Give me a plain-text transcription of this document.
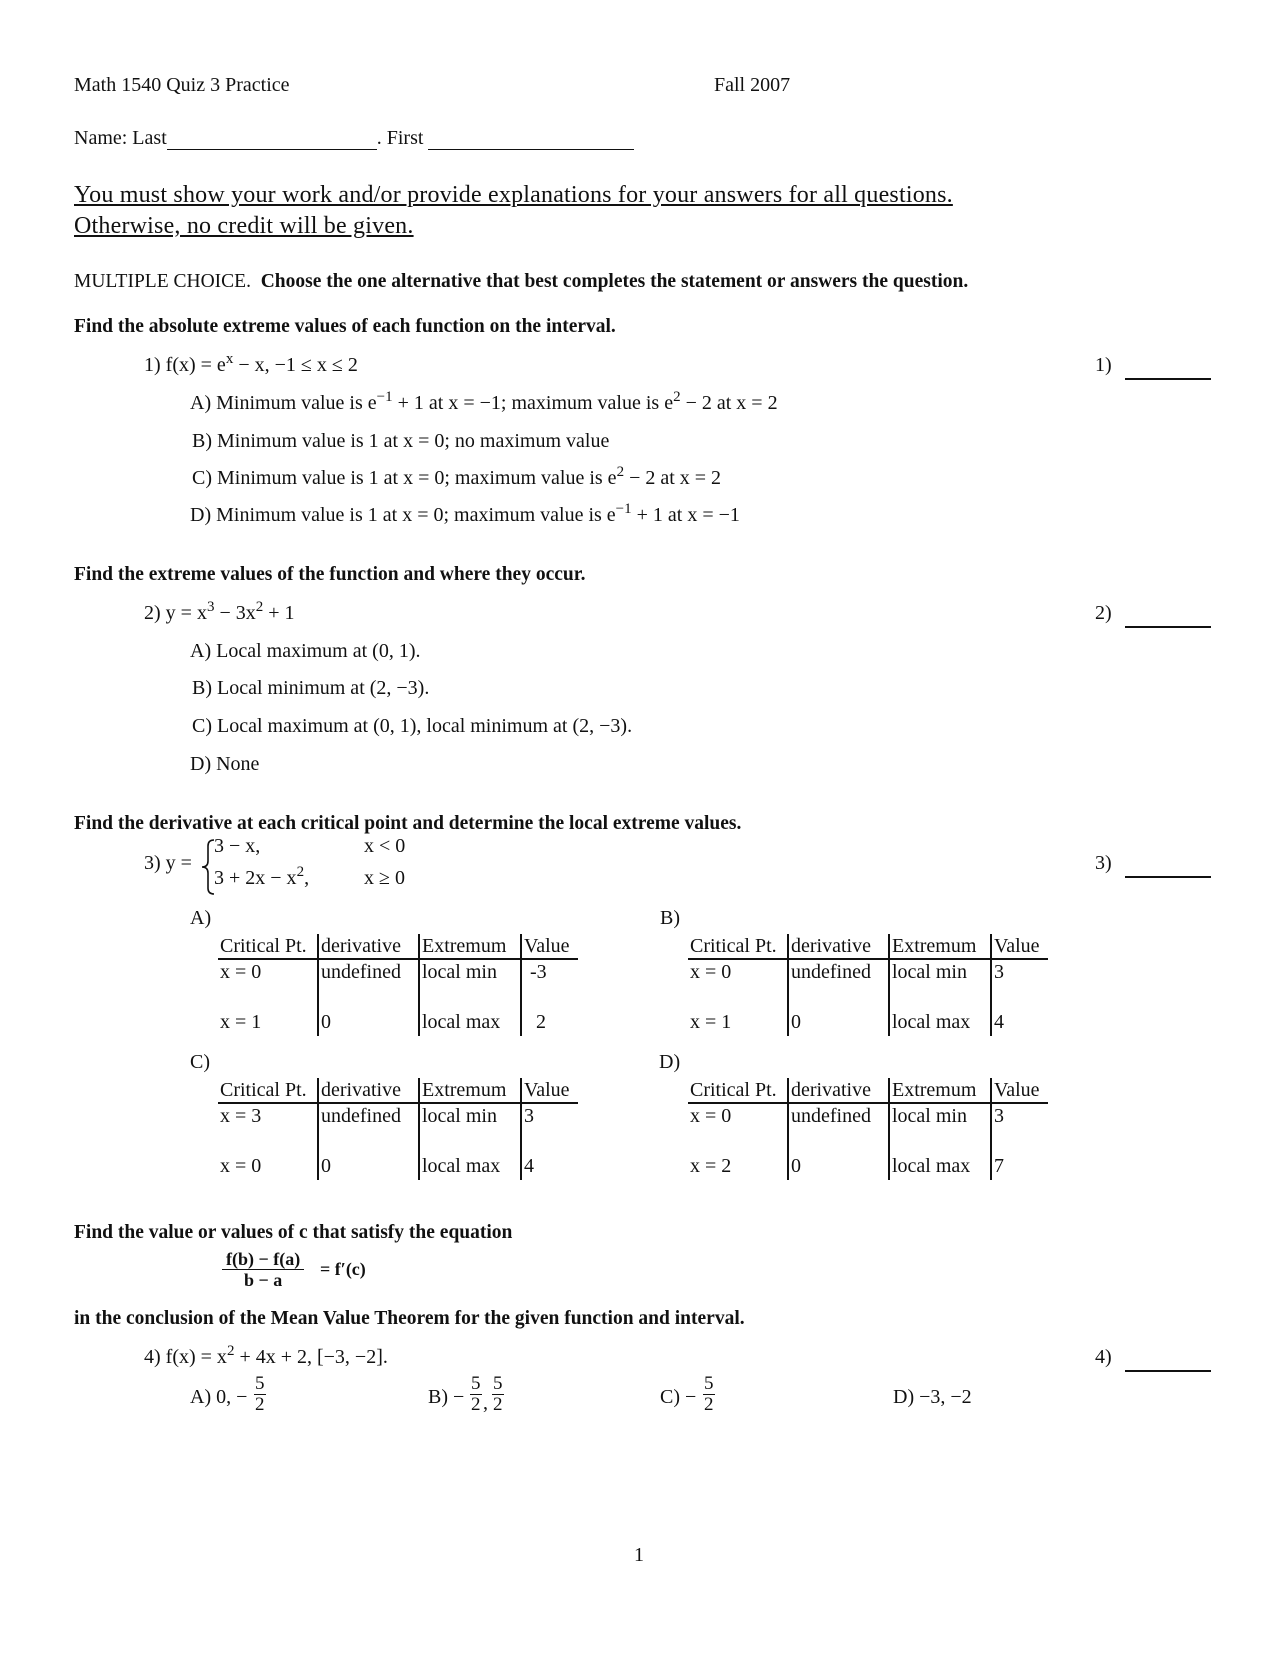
Math 1540 Quiz 3 Practice	Fall 2007
Name: Last	. First
You must show your work and/or provide explanations for your answers for all questions.
Otherwise, no credit will be given.
MULTIPLE CHOICE. Choose the one alternative that best completes the statement or answers the question.
Find the absolute extreme values of each function on the interval.
1) $f(x) = e^x - x$, −1 ≤ x ≤ 2	1)
A) Minimum value is $e^{-1} + 1$ at x = −1; maximum value is $e^2 - 2$ at x = 2
B) Minimum value is 1 at x = 0; no maximum value
C) Minimum value is 1 at x = 0; maximum value is $e^2 - 2$ at x = 2
D) Minimum value is 1 at x = 0; maximum value is $e^{-1} + 1$ at x = −1
Find the extreme values of the function and where they occur.
2) $y = x^3 - 3x^2 + 1$	2)
A) Local maximum at (0, 1).
B) Local minimum at (2, −3).
C) Local maximum at (0, 1), local minimum at (2, −3).
D) None
Find the derivative at each critical point and determine the local extreme values.
3) y =
3 − x,	x < 0
$3 + 2x - x^2$,	x ≥ 0
3)
A)
Critical Pt.	derivative	Extremum	Value
x = 0	undefined	local min	-3
x = 1	0	local max	2
B)
Critical Pt.	derivative	Extremum	Value
x = 0	undefined	local min	3
x = 1	0	local max	4
C)
Critical Pt.	derivative	Extremum	Value
x = 3	undefined	local min	3
x = 0	0	local max	4
D)
Critical Pt.	derivative	Extremum	Value
x = 0	undefined	local min	3
x = 2	0	local max	7
Find the value or values of c that satisfy the equation
$\frac{f(b) - f(a)}{b - a} = f'(c)$
in the conclusion of the Mean Value Theorem for the given function and interval.
4) $f(x) = x^2 + 4x + 2$, [−3, −2].	4)
A) 0, − $\frac{5}{2}$	$B) - \frac{5}{2}$ , $\frac{5}{2}$	$C) - \frac{5}{2}$	D) −3, −2
1
